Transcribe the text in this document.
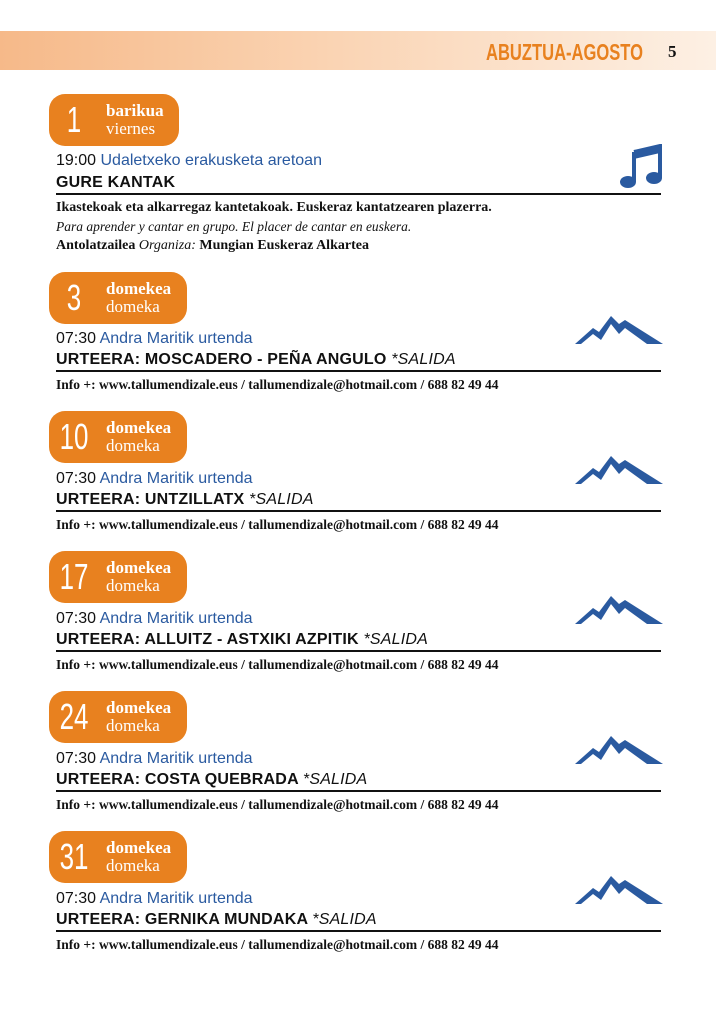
ABUZTUA-AGOSTO 5
1	barikua
viernes
19:00 Udaletxeko erakusketa aretoan
GURE KANTAK
Ikastekoak eta alkarregaz kantetakoak. Euskeraz kantatzearen plazerra.
Para aprender y cantar en grupo. El placer de cantar en euskera.
Antolatzailea Organiza: Mungian Euskeraz Alkartea
3	domekea
domeka
07:30 Andra Maritik urtenda
URTEERA: MOSCADERO - PEÑA ANGULO *SALIDA
Info +: www.tallumendizale.eus / tallumendizale@hotmail.com / 688 82 49 44
10 domekea
domeka
07:30 Andra Maritik urtenda
URTEERA: UNTZILLATX *SALIDA
Info +: www.tallumendizale.eus / tallumendizale@hotmail.com / 688 82 49 44
17 domekea
domeka
07:30 Andra Maritik urtenda
URTEERA: ALLUITZ - ASTXIKI AZPITIK *SALIDA
Info +: www.tallumendizale.eus / tallumendizale@hotmail.com / 688 82 49 44
24 domekea
domeka
07:30 Andra Maritik urtenda
URTEERA: COSTA QUEBRADA *SALIDA
Info +: www.tallumendizale.eus / tallumendizale@hotmail.com / 688 82 49 44
31 domekea
domeka
07:30 Andra Maritik urtenda
URTEERA: GERNIKA MUNDAKA *SALIDA
Info +: www.tallumendizale.eus / tallumendizale@hotmail.com / 688 82 49 44
